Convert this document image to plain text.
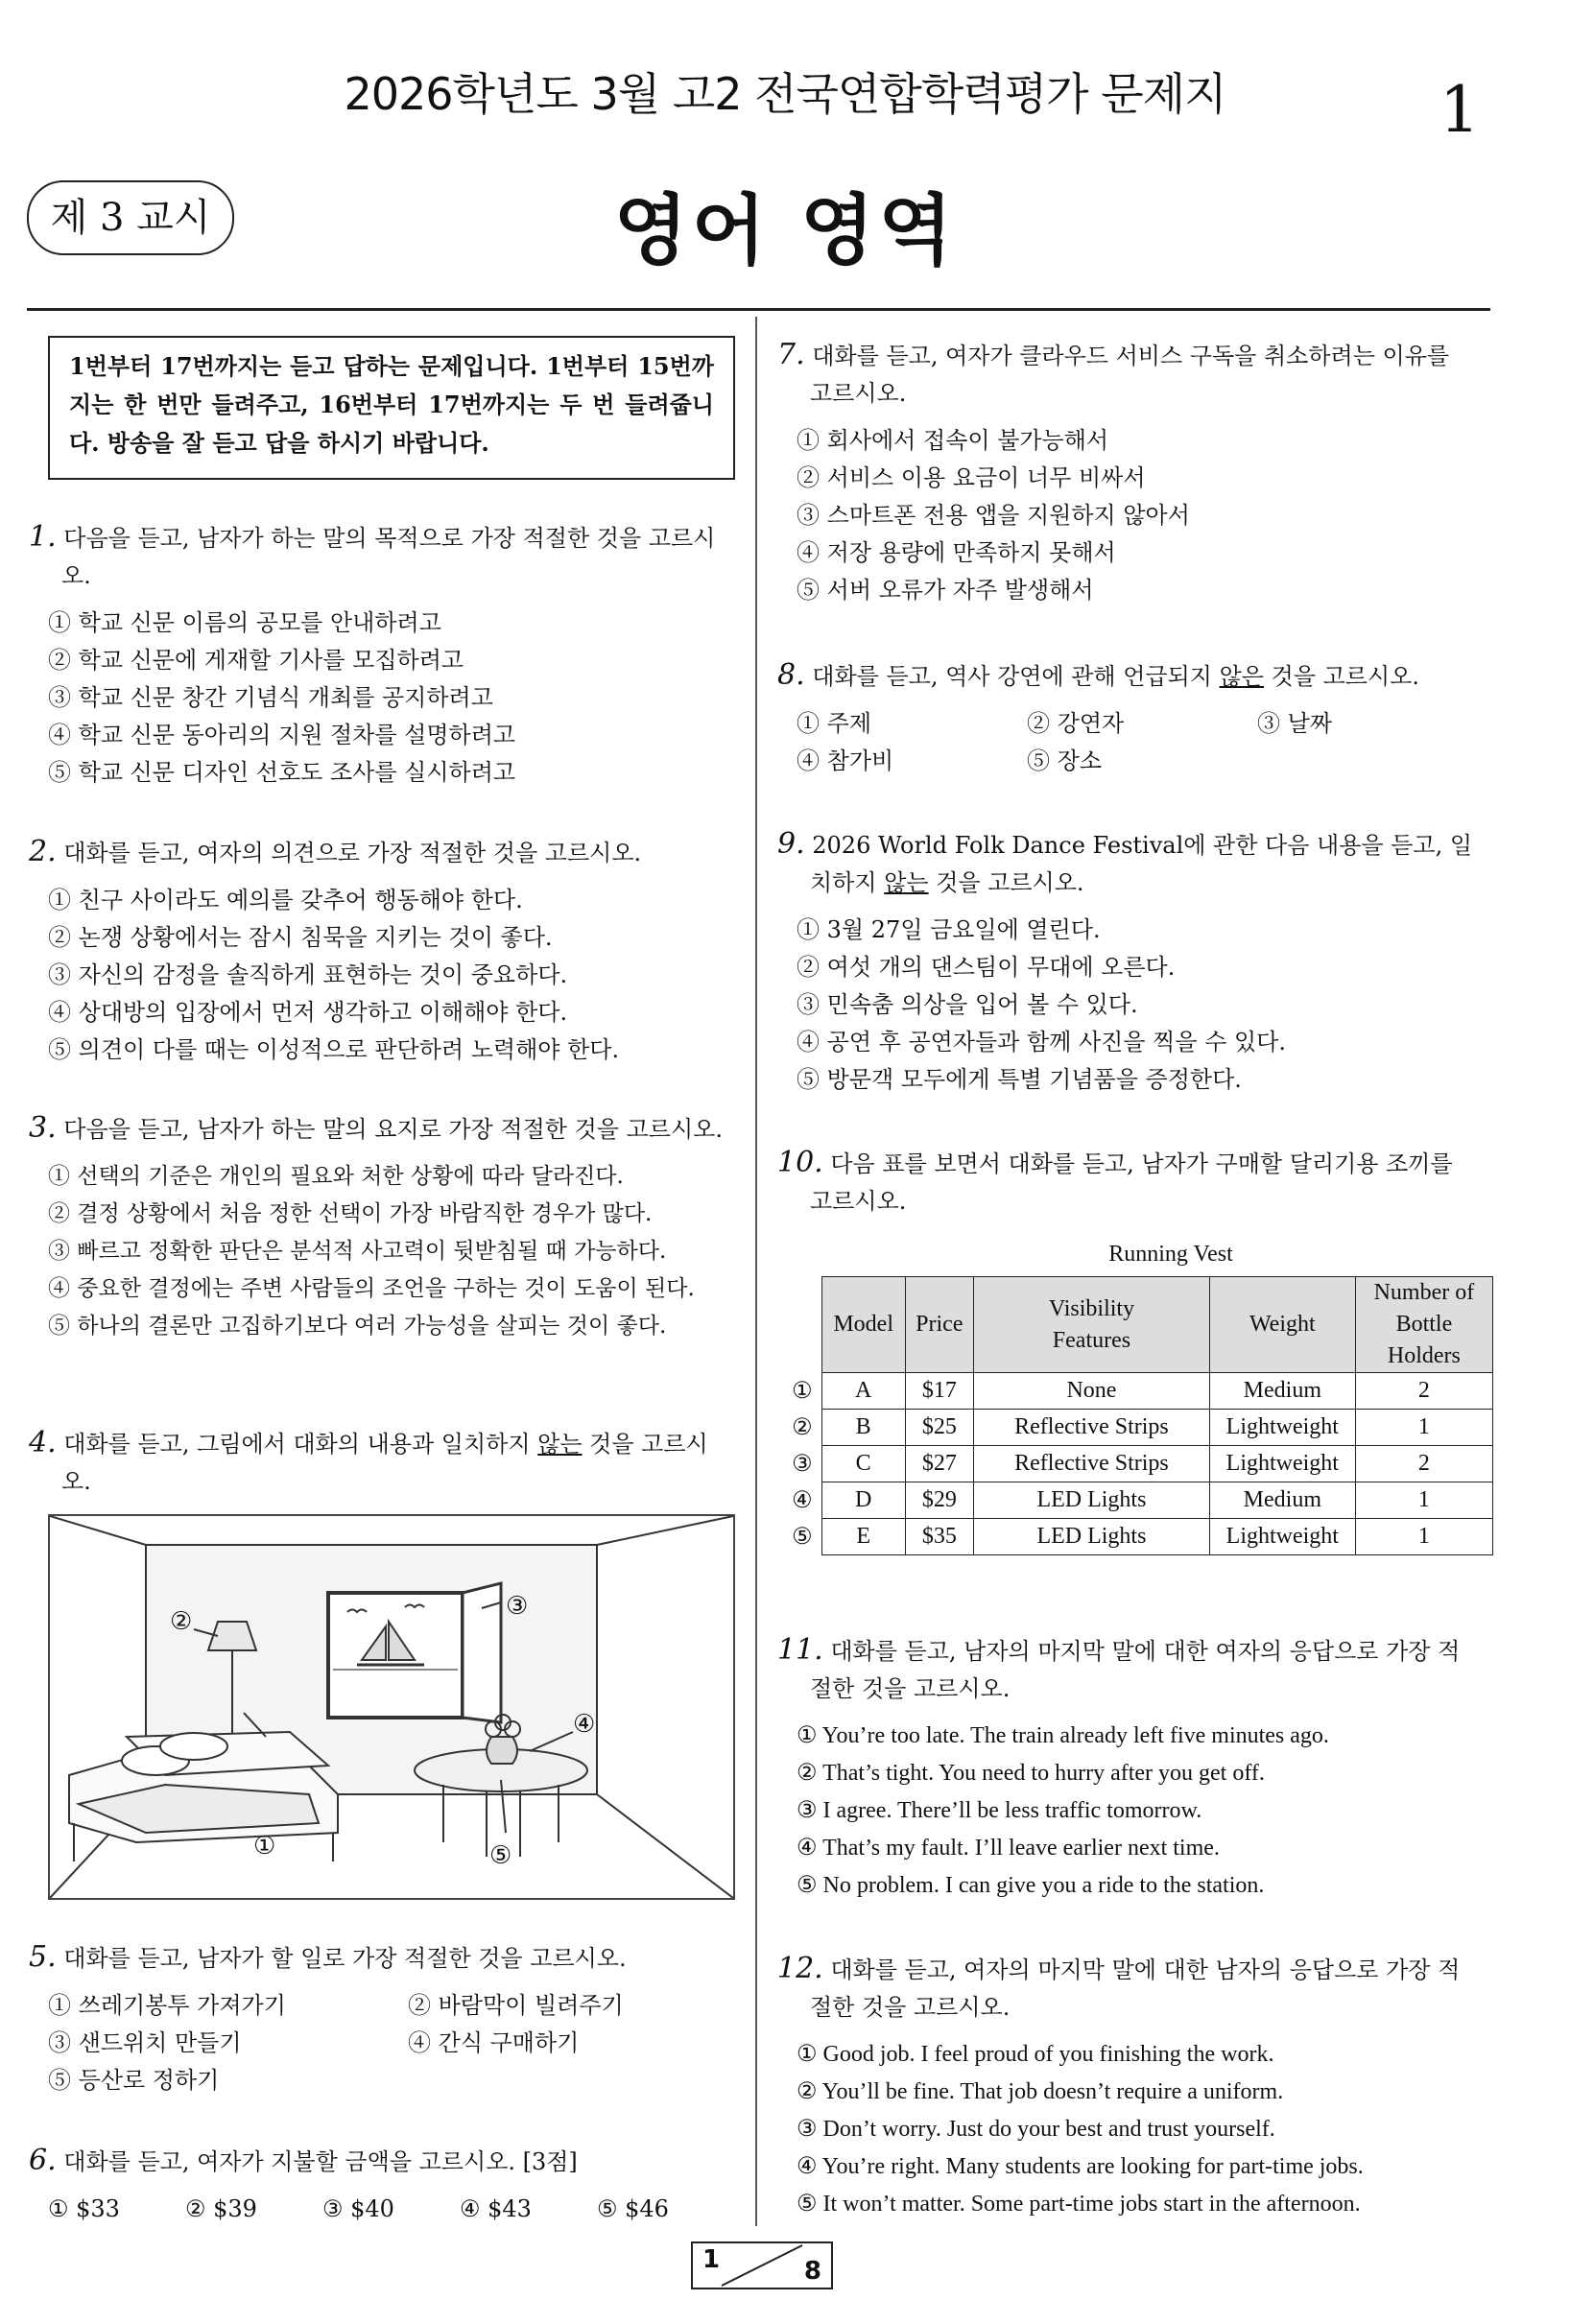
2026학년도 3월 고2 전국연합학력평가 문제지	1
제 3 교시	영어 영역
1번부터 17번까지는 듣고 답하는 문제입니다. 1번부터 15번까지는 한 번만 들려주고, 16번부터 17번까지는 두 번 들려줍니다. 방송을 잘 듣고 답을 하시기 바랍니다.
1. 다음을 듣고, 남자가 하는 말의 목적으로 가장 적절한 것을 고르시오.
① 학교 신문 이름의 공모를 안내하려고
② 학교 신문에 게재할 기사를 모집하려고
③ 학교 신문 창간 기념식 개최를 공지하려고
④ 학교 신문 동아리의 지원 절차를 설명하려고
⑤ 학교 신문 디자인 선호도 조사를 실시하려고
2. 대화를 듣고, 여자의 의견으로 가장 적절한 것을 고르시오.
① 친구 사이라도 예의를 갖추어 행동해야 한다.
② 논쟁 상황에서는 잠시 침묵을 지키는 것이 좋다.
③ 자신의 감정을 솔직하게 표현하는 것이 중요하다.
④ 상대방의 입장에서 먼저 생각하고 이해해야 한다.
⑤ 의견이 다를 때는 이성적으로 판단하려 노력해야 한다.
3. 다음을 듣고, 남자가 하는 말의 요지로 가장 적절한 것을 고르시오.
① 선택의 기준은 개인의 필요와 처한 상황에 따라 달라진다.
② 결정 상황에서 처음 정한 선택이 가장 바람직한 경우가 많다.
③ 빠르고 정확한 판단은 분석적 사고력이 뒷받침될 때 가능하다.
④ 중요한 결정에는 주변 사람들의 조언을 구하는 것이 도움이 된다.
⑤ 하나의 결론만 고집하기보다 여러 가능성을 살피는 것이 좋다.
4. 대화를 듣고, 그림에서 대화의 내용과 일치하지 않는 것을 고르시오.
②
③
④
①	⑤
5. 대화를 듣고, 남자가 할 일로 가장 적절한 것을 고르시오.
① 쓰레기봉투 가져가기	② 바람막이 빌려주기
③ 샌드위치 만들기	④ 간식 구매하기
⑤ 등산로 정하기
6. 대화를 듣고, 여자가 지불할 금액을 고르시오. [3점]
① $33	② $39	③ $40	④ $43	⑤ $46
7. 대화를 듣고, 여자가 클라우드 서비스 구독을 취소하려는 이유를 고르시오.
① 회사에서 접속이 불가능해서
② 서비스 이용 요금이 너무 비싸서
③ 스마트폰 전용 앱을 지원하지 않아서
④ 저장 용량에 만족하지 못해서
⑤ 서버 오류가 자주 발생해서
8. 대화를 듣고, 역사 강연에 관해 언급되지 않은 것을 고르시오.
① 주제	② 강연자	③ 날짜
④ 참가비	⑤ 장소
9. 2026 World Folk Dance Festival에 관한 다음 내용을 듣고, 일치하지 않는 것을 고르시오.
① 3월 27일 금요일에 열린다.
② 여섯 개의 댄스팀이 무대에 오른다.
③ 민속춤 의상을 입어 볼 수 있다.
④ 공연 후 공연자들과 함께 사진을 찍을 수 있다.
⑤ 방문객 모두에게 특별 기념품을 증정한다.
10. 다음 표를 보면서 대화를 듣고, 남자가 구매할 달리기용 조끼를 고르시오.
Running Vest
	Model	Price	Visibility Features	Weight	Number of Bottle Holders
①	A	$17	None	Medium	2
②	B	$25	Reflective Strips	Lightweight	1
③	C	$27	Reflective Strips	Lightweight	2
④	D	$29	LED Lights	Medium	1
⑤	E	$35	LED Lights	Lightweight	1
11. 대화를 듣고, 남자의 마지막 말에 대한 여자의 응답으로 가장 적절한 것을 고르시오.
① You’re too late. The train already left five minutes ago.
② That’s tight. You need to hurry after you get off.
③ I agree. There’ll be less traffic tomorrow.
④ That’s my fault. I’ll leave earlier next time.
⑤ No problem. I can give you a ride to the station.
12. 대화를 듣고, 여자의 마지막 말에 대한 남자의 응답으로 가장 적절한 것을 고르시오.
① Good job. I feel proud of you finishing the work.
② You’ll be fine. That job doesn’t require a uniform.
③ Don’t worry. Just do your best and trust yourself.
④ You’re right. Many students are looking for part-time jobs.
⑤ It won’t matter. Some part-time jobs start in the afternoon.
1	8
